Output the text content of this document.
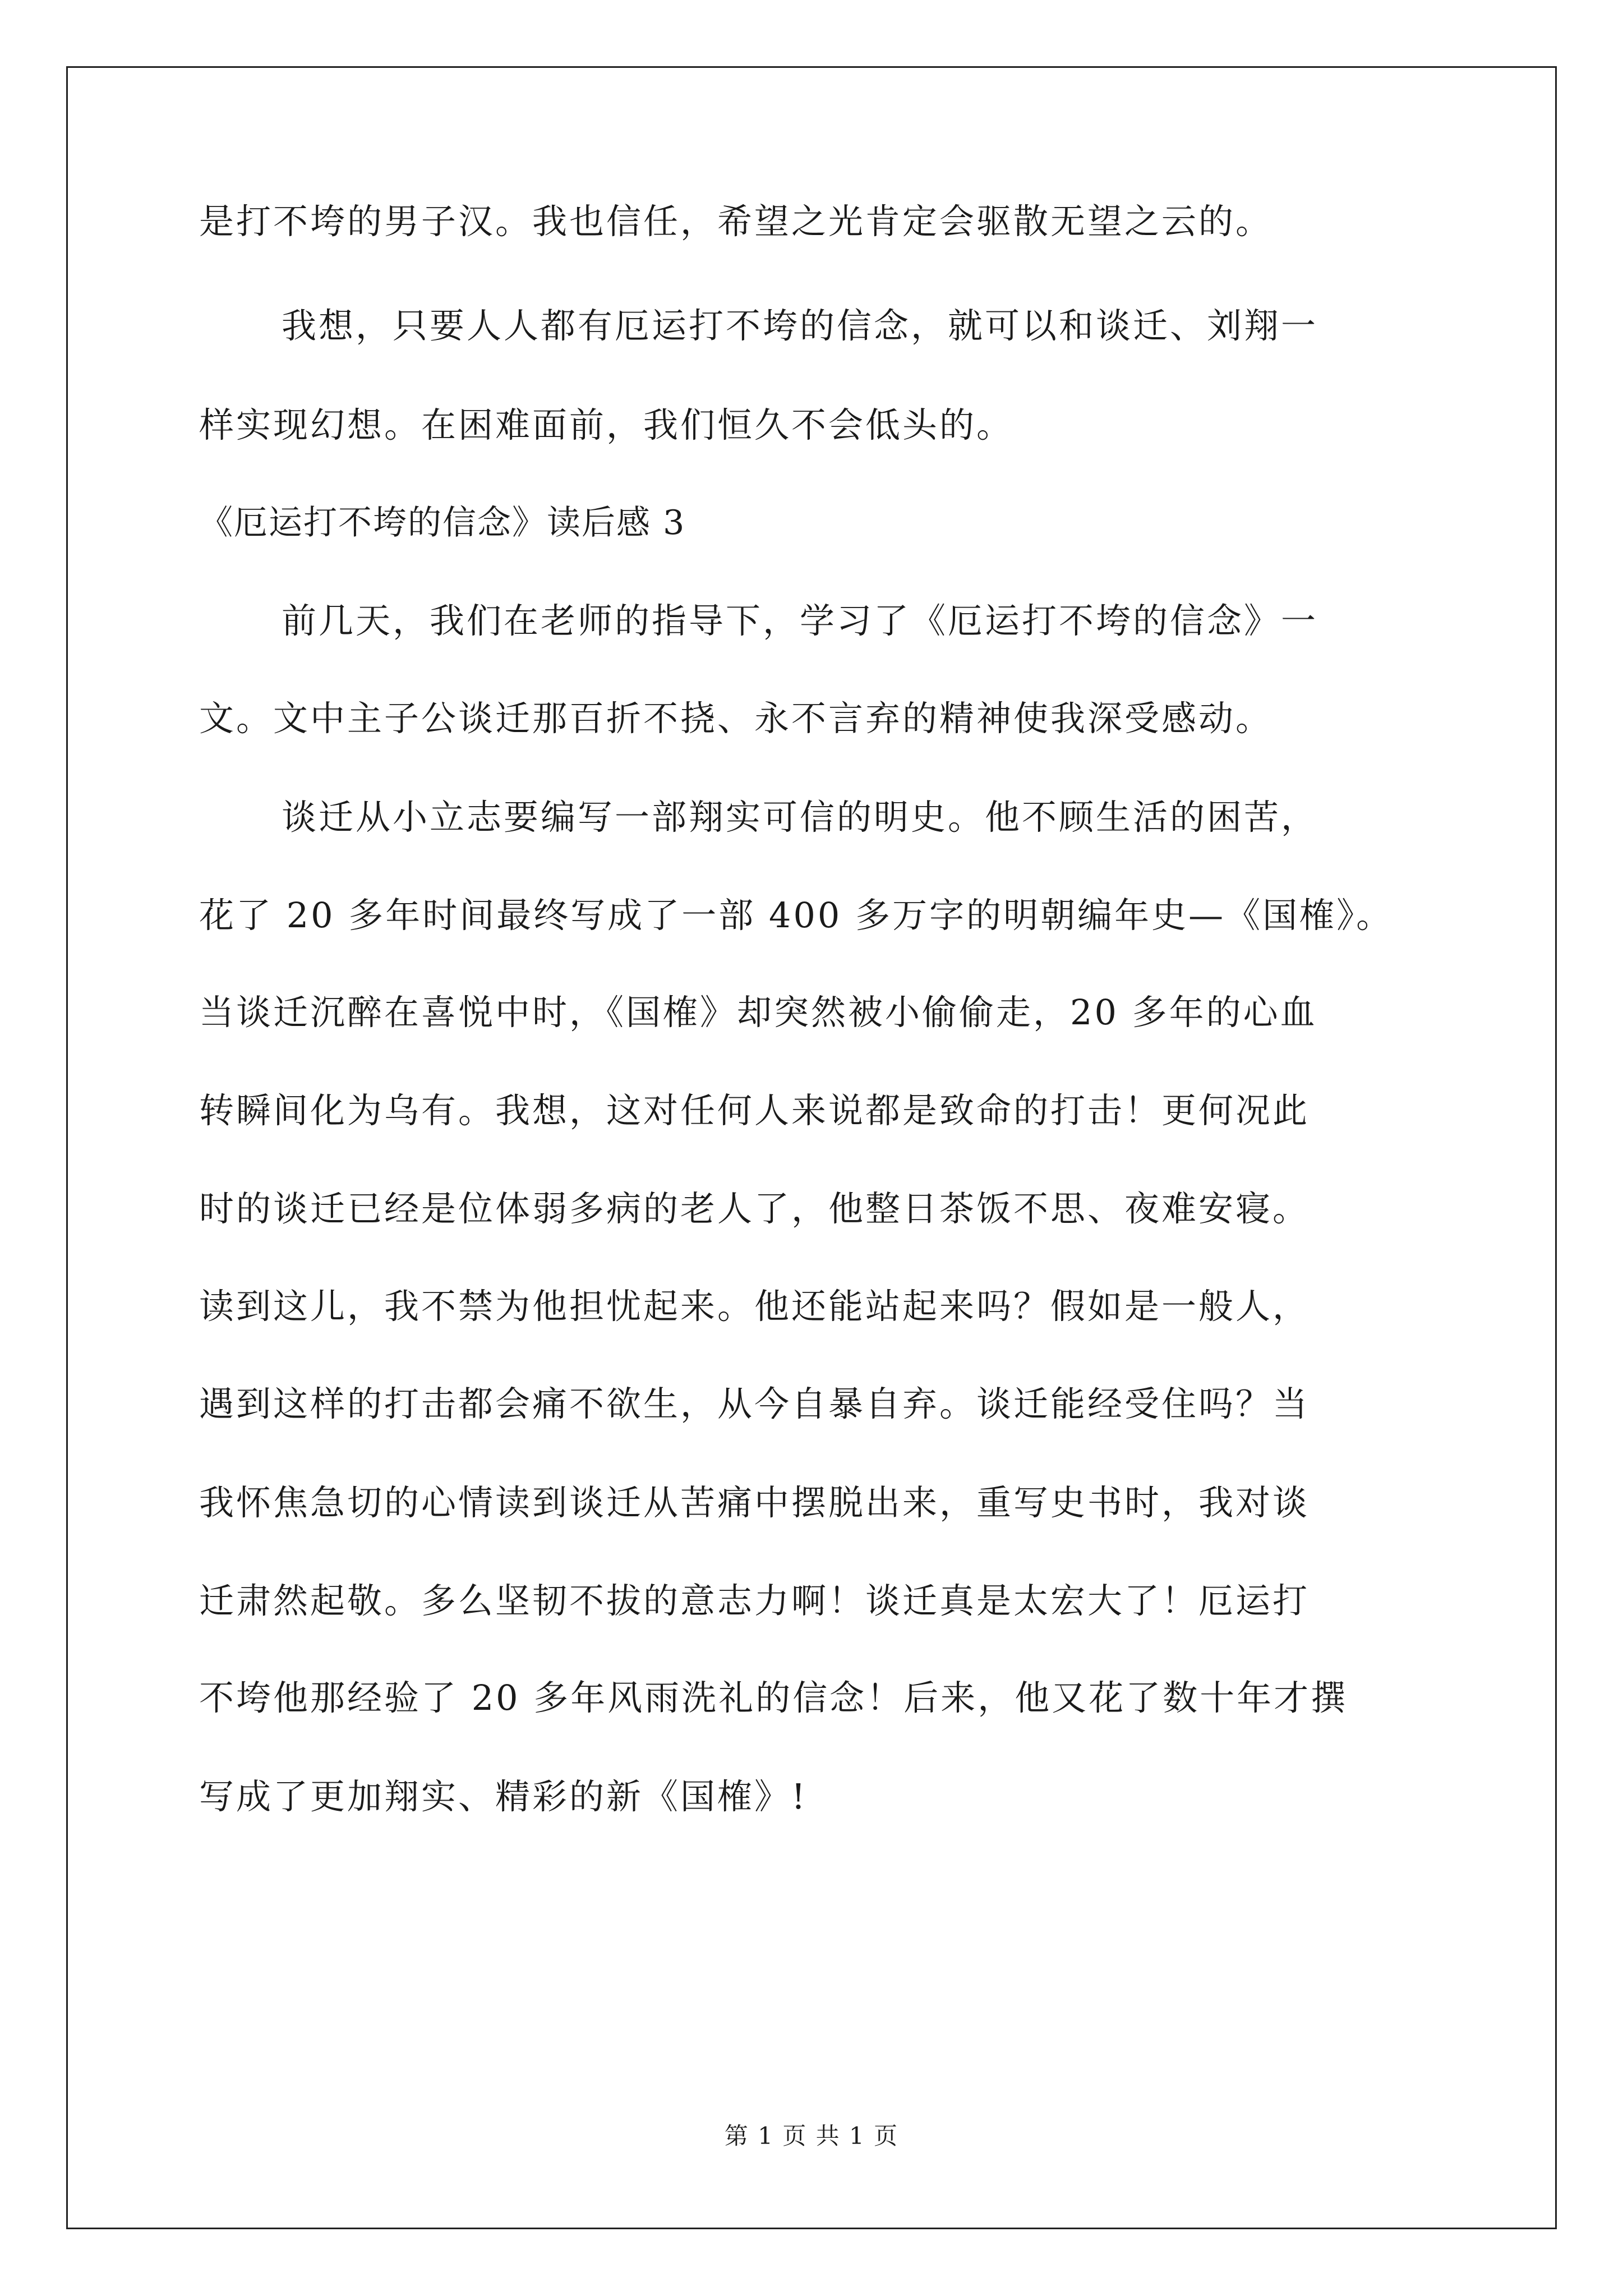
是打不垮的男子汉。我也信任，希望之光肯定会驱散无望之云的。
我想，只要人人都有厄运打不垮的信念，就可以和谈迁、刘翔一
样实现幻想。在困难面前，我们恒久不会低头的。
《厄运打不垮的信念》读后感 3
前几天，我们在老师的指导下，学习了《厄运打不垮的信念》一
文。文中主子公谈迁那百折不挠、永不言弃的精神使我深受感动。
谈迁从小立志要编写一部翔实可信的明史。他不顾生活的困苦，
花了 20 多年时间最终写成了一部 400 多万字的明朝编年史—《国榷》。
当谈迁沉醉在喜悦中时，《国榷》却突然被小偷偷走，20 多年的心血
转瞬间化为乌有。我想，这对任何人来说都是致命的打击！更何况此
时的谈迁已经是位体弱多病的老人了，他整日茶饭不思、夜难安寝。
读到这儿，我不禁为他担忧起来。他还能站起来吗？假如是一般人，
遇到这样的打击都会痛不欲生，从今自暴自弃。谈迁能经受住吗？当
我怀焦急切的心情读到谈迁从苦痛中摆脱出来，重写史书时，我对谈
迁肃然起敬。多么坚韧不拔的意志力啊！谈迁真是太宏大了！厄运打
不垮他那经验了 20 多年风雨洗礼的信念！后来，他又花了数十年才撰
写成了更加翔实、精彩的新《国榷》!
第 1 页 共 1 页
